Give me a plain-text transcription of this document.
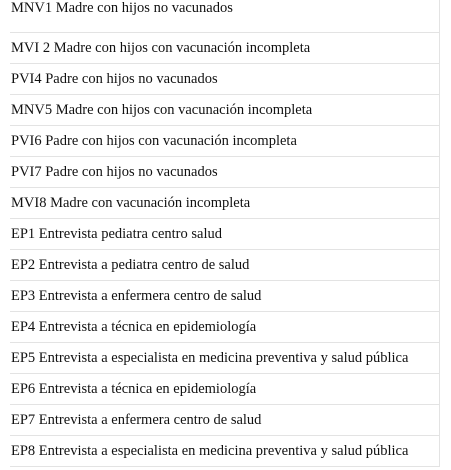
MNV1 Madre con hijos no vacunados
MVI 2 Madre con hijos con vacunación incompleta
PVI4 Padre con hijos no vacunados
MNV5 Madre con hijos con vacunación incompleta
PVI6 Padre con hijos con vacunación incompleta
PVI7 Padre con hijos no vacunados
MVI8 Madre con vacunación incompleta
EP1 Entrevista pediatra centro salud
EP2 Entrevista a pediatra centro de salud
EP3 Entrevista a enfermera centro de salud
EP4 Entrevista a técnica en epidemiología
EP5 Entrevista a especialista en medicina preventiva y salud pública
EP6 Entrevista a técnica en epidemiología
EP7 Entrevista a enfermera centro de salud
EP8 Entrevista a especialista en medicina preventiva y salud pública
